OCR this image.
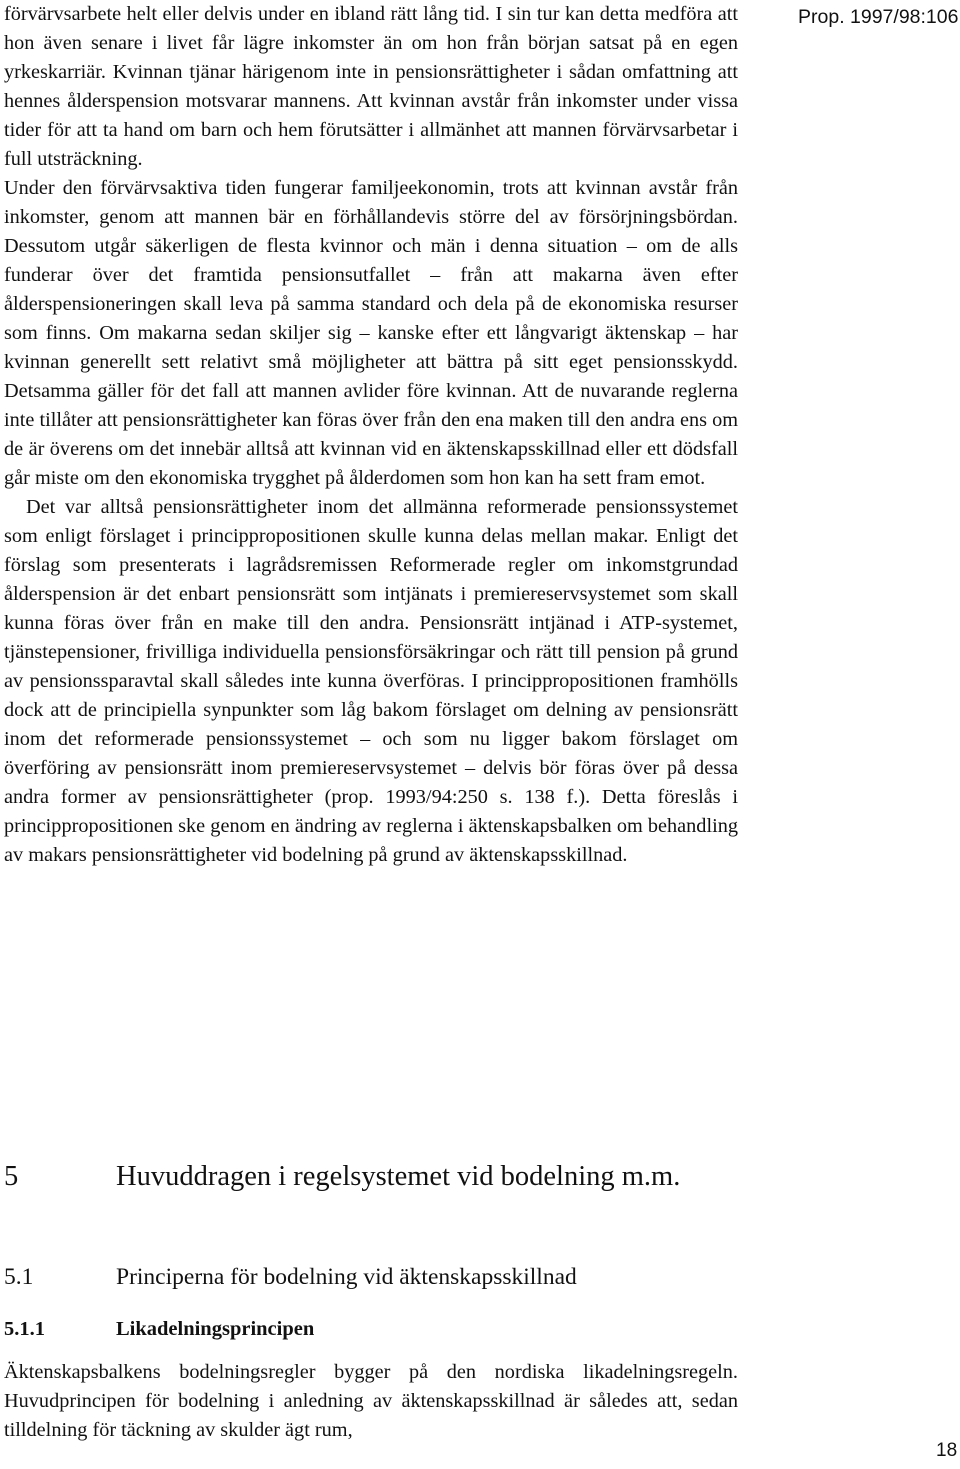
Prop. 1997/98:106

förvärvsarbete helt eller delvis under en ibland rätt lång tid. I sin tur kan detta medföra att hon även senare i livet får lägre inkomster än om hon från början satsat på en egen yrkeskarriär. Kvinnan tjänar härigenom inte in pensionsrättigheter i sådan omfattning att hennes ålderspension motsvarar mannens. Att kvinnan avstår från inkomster under vissa tider för att ta hand om barn och hem förutsätter i allmänhet att mannen förvärvsarbetar i full utsträckning.

Under den förvärvsaktiva tiden fungerar familjeekonomin, trots att kvinnan avstår från inkomster, genom att mannen bär en förhållandevis större del av försörjningsbördan. Dessutom utgår säkerligen de flesta kvinnor och män i denna situation – om de alls funderar över det framtida pensionsutfallet – från att makarna även efter ålderspensioneringen skall leva på samma standard och dela på de ekonomiska resurser som finns. Om makarna sedan skiljer sig – kanske efter ett långvarigt äktenskap – har kvinnan generellt sett relativt små möjligheter att bättra på sitt eget pensionsskydd. Detsamma gäller för det fall att mannen avlider före kvinnan. Att de nuvarande reglerna inte tillåter att pensionsrättigheter kan föras över från den ena maken till den andra ens om de är överens om det innebär alltså att kvinnan vid en äktenskapsskillnad eller ett dödsfall går miste om den ekonomiska trygghet på ålderdomen som hon kan ha sett fram emot.

Det var alltså pensionsrättigheter inom det allmänna reformerade pensionssystemet som enligt förslaget i princippropositionen skulle kunna delas mellan makar. Enligt det förslag som presenterats i lagrådsremissen Reformerade regler om inkomstgrundad ålderspension är det enbart pensionsrätt som intjänats i premiereservsystemet som skall kunna föras över från en make till den andra. Pensionsrätt intjänad i ATP-systemet, tjänstepensioner, frivilliga individuella pensionsförsäkringar och rätt till pension på grund av pensionssparavtal skall således inte kunna överföras. I princippropositionen framhölls dock att de principiella synpunkter som låg bakom förslaget om delning av pensionsrätt inom det reformerade pensionssystemet – och som nu ligger bakom förslaget om överföring av pensionsrätt inom premiereservsystemet – delvis bör föras över på dessa andra former av pensionsrättigheter (prop. 1993/94:250 s. 138 f.). Detta föreslås i princippropositionen ske genom en ändring av reglerna i äktenskapsbalken om behandling av makars pensionsrättigheter vid bodelning på grund av äktenskapsskillnad.

5	Huvuddragen i regelsystemet vid bodelning m.m.
5.1	Principerna för bodelning vid äktenskapsskillnad
5.1.1	Likadelningsprincipen

Äktenskapsbalkens bodelningsregler bygger på den nordiska likadelningsregeln. Huvudprincipen för bodelning i anledning av äktenskapsskillnad är således att, sedan tilldelning för täckning av skulder ägt rum,

18
